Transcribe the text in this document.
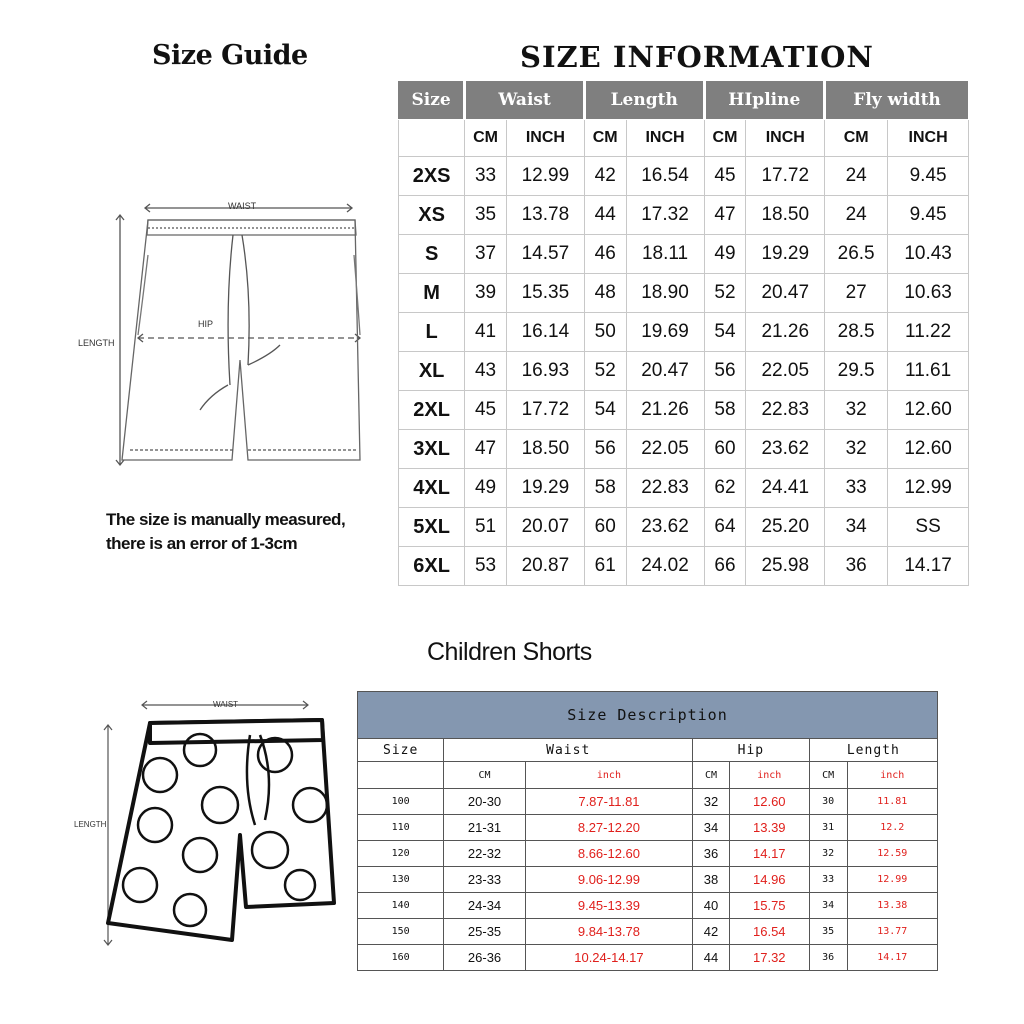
Size Guide	SIZE INFORMATION
WAIST
HIP
LENGTH
The size is manually measured,
there is an error of 1-3cm
Size	Waist		Length		HIpline		Fly width	
	CM	INCH	CM	INCH	CM	INCH	CM	INCH
2XS	33	12.99	42	16.54	45	17.72	24	9.45
XS	35	13.78	44	17.32	47	18.50	24	9.45
S	37	14.57	46	18.11	49	19.29	26.5	10.43
M	39	15.35	48	18.90	52	20.47	27	10.63
L	41	16.14	50	19.69	54	21.26	28.5	11.22
XL	43	16.93	52	20.47	56	22.05	29.5	11.61
2XL	45	17.72	54	21.26	58	22.83	32	12.60
3XL	47	18.50	56	22.05	60	23.62	32	12.60
4XL	49	19.29	58	22.83	62	24.41	33	12.99
5XL	51	20.07	60	23.62	64	25.20	34	SS
6XL	53	20.87	61	24.02	66	25.98	36	14.17
Children Shorts
WAIST
LENGTH
Size Description						
Size	Waist		Hip		Length	
	CM	inch	CM	inch	CM	inch
100	20-30	7.87-11.81	32	12.60	30	11.81
110	21-31	8.27-12.20	34	13.39	31	12.2
120	22-32	8.66-12.60	36	14.17	32	12.59
130	23-33	9.06-12.99	38	14.96	33	12.99
140	24-34	9.45-13.39	40	15.75	34	13.38
150	25-35	9.84-13.78	42	16.54	35	13.77
160	26-36	10.24-14.17	44	17.32	36	14.17
